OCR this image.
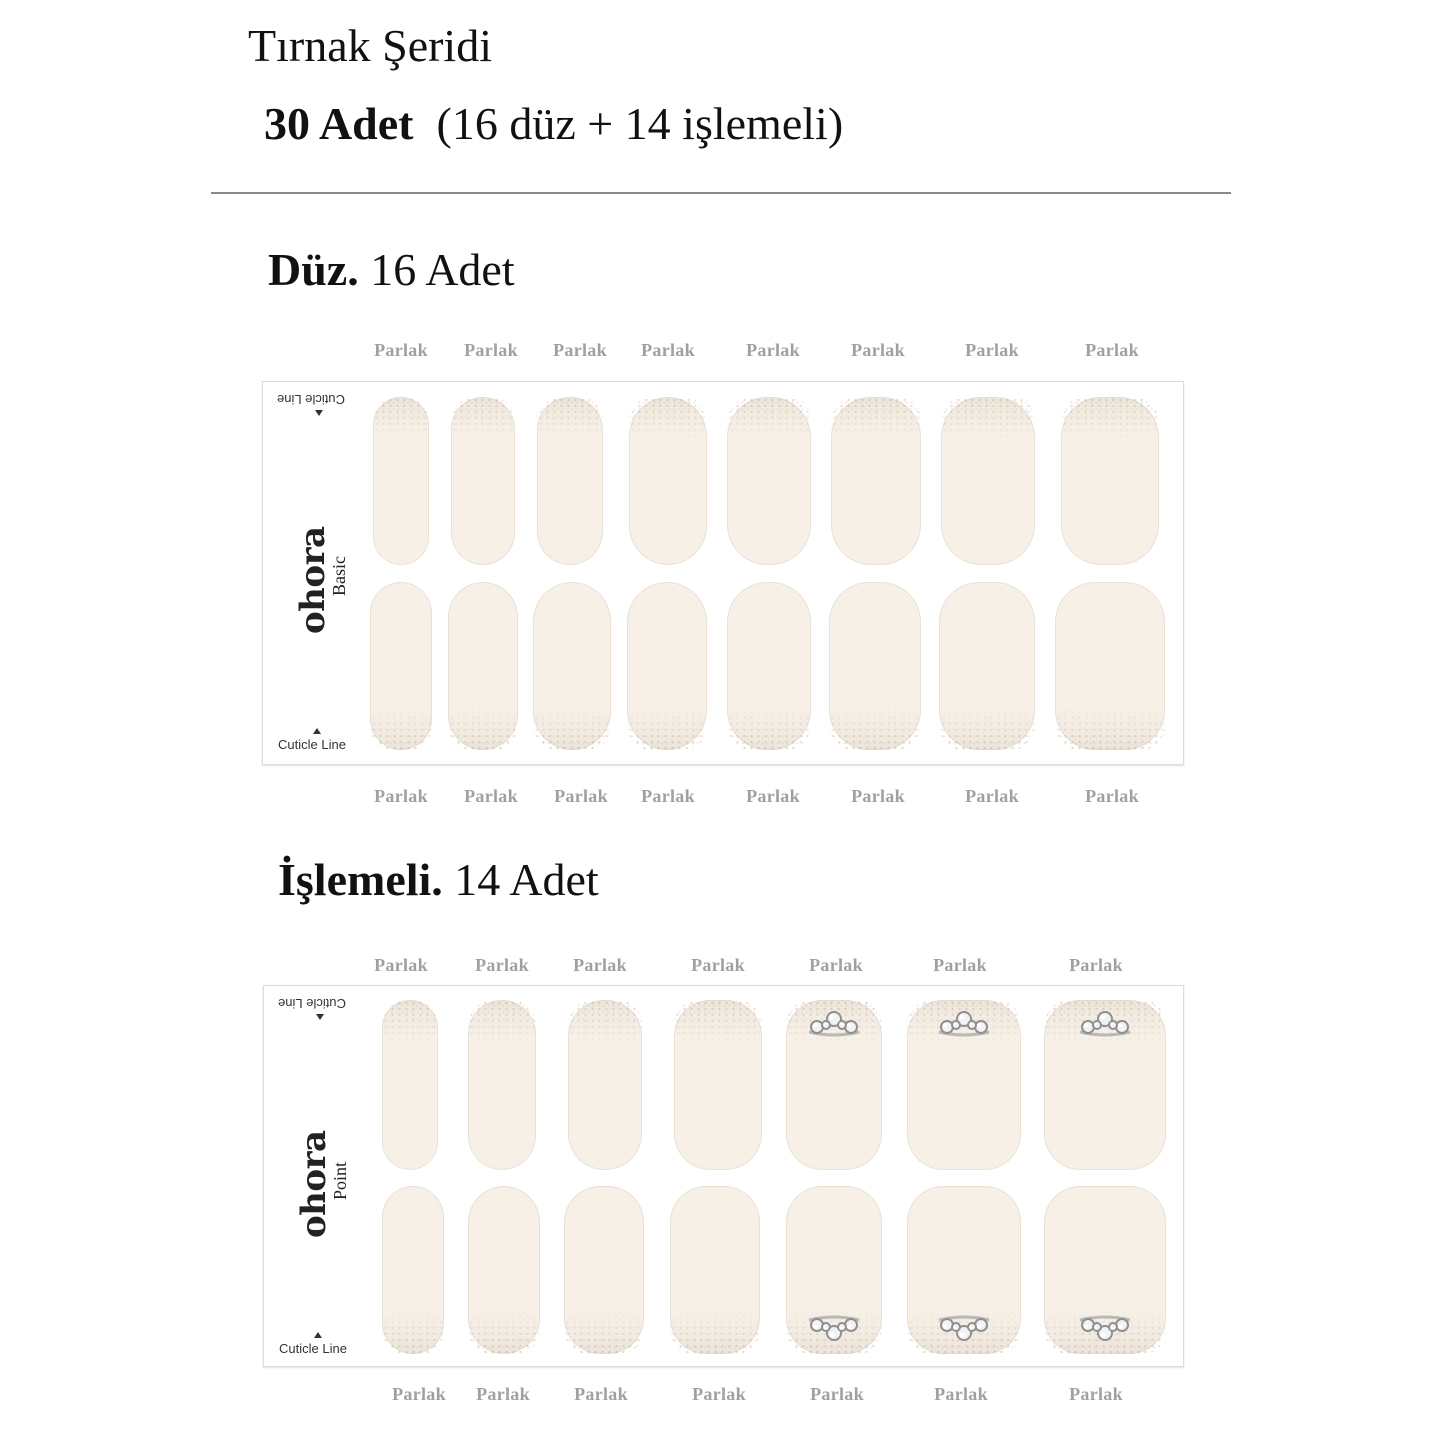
Tırnak Şeridi
30 Adet (16 düz + 14 işlemeli)
Düz. 16 Adet
Parlak Parlak Parlak Parlak	Parlak	Parlak	Parlak	Parlak
Cuticle Line
ohora
Basic
Cuticle Line
Parlak Parlak Parlak Parlak	Parlak	Parlak	Parlak	Parlak
İşlemeli. 14 Adet
Parlak	Parlak Parlak	Parlak	Parlak	Parlak	Parlak
Cuticle Line
ohora
Point
Cuticle Line
Parlak Parlak Parlak	Parlak	Parlak	Parlak	Parlak
